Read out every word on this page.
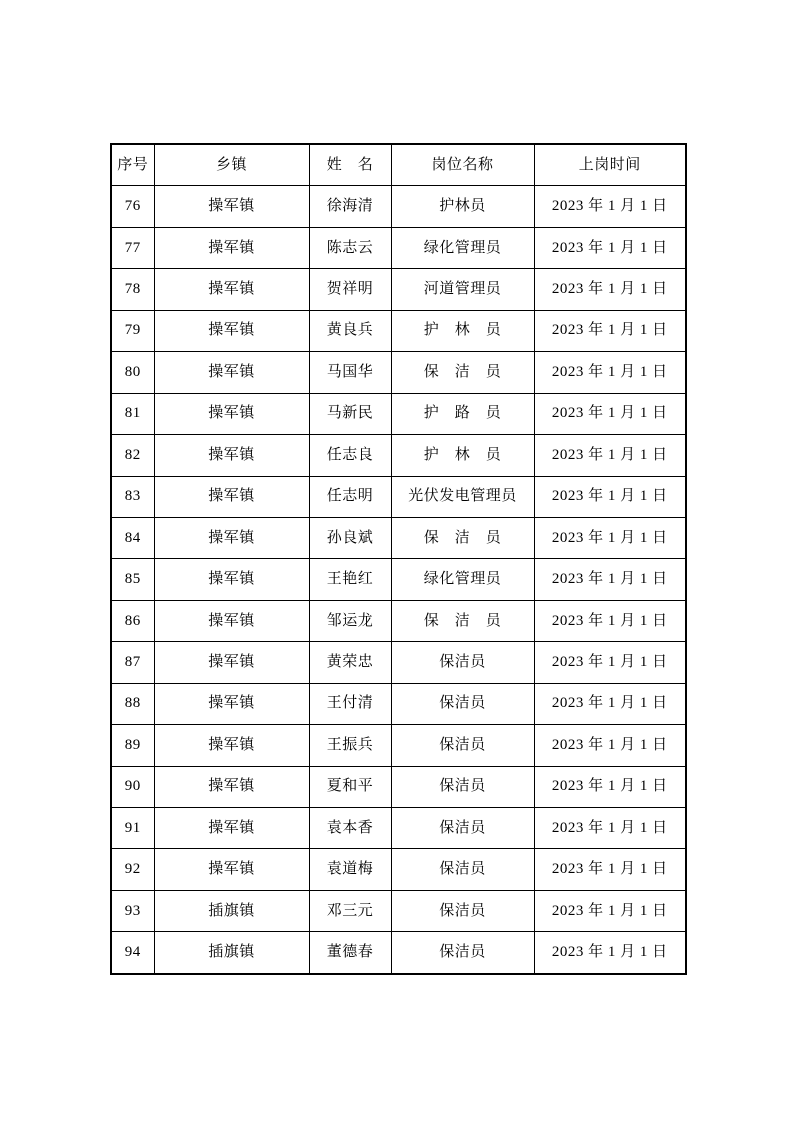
序号	乡镇	姓　名	岗位名称	上岗时间
76	操军镇	徐海清	护林员	2023 年 1 月 1 日
77	操军镇	陈志云	绿化管理员	2023 年 1 月 1 日
78	操军镇	贺祥明	河道管理员	2023 年 1 月 1 日
79	操军镇	黄良兵	护　林　员	2023 年 1 月 1 日
80	操军镇	马国华	保　洁　员	2023 年 1 月 1 日
81	操军镇	马新民	护　路　员	2023 年 1 月 1 日
82	操军镇	任志良	护　林　员	2023 年 1 月 1 日
83	操军镇	任志明	光伏发电管理员	2023 年 1 月 1 日
84	操军镇	孙良斌	保　洁　员	2023 年 1 月 1 日
85	操军镇	王艳红	绿化管理员	2023 年 1 月 1 日
86	操军镇	邹运龙	保　洁　员	2023 年 1 月 1 日
87	操军镇	黄荣忠	保洁员	2023 年 1 月 1 日
88	操军镇	王付清	保洁员	2023 年 1 月 1 日
89	操军镇	王振兵	保洁员	2023 年 1 月 1 日
90	操军镇	夏和平	保洁员	2023 年 1 月 1 日
91	操军镇	袁本香	保洁员	2023 年 1 月 1 日
92	操军镇	袁道梅	保洁员	2023 年 1 月 1 日
93	插旗镇	邓三元	保洁员	2023 年 1 月 1 日
94	插旗镇	董德春	保洁员	2023 年 1 月 1 日
